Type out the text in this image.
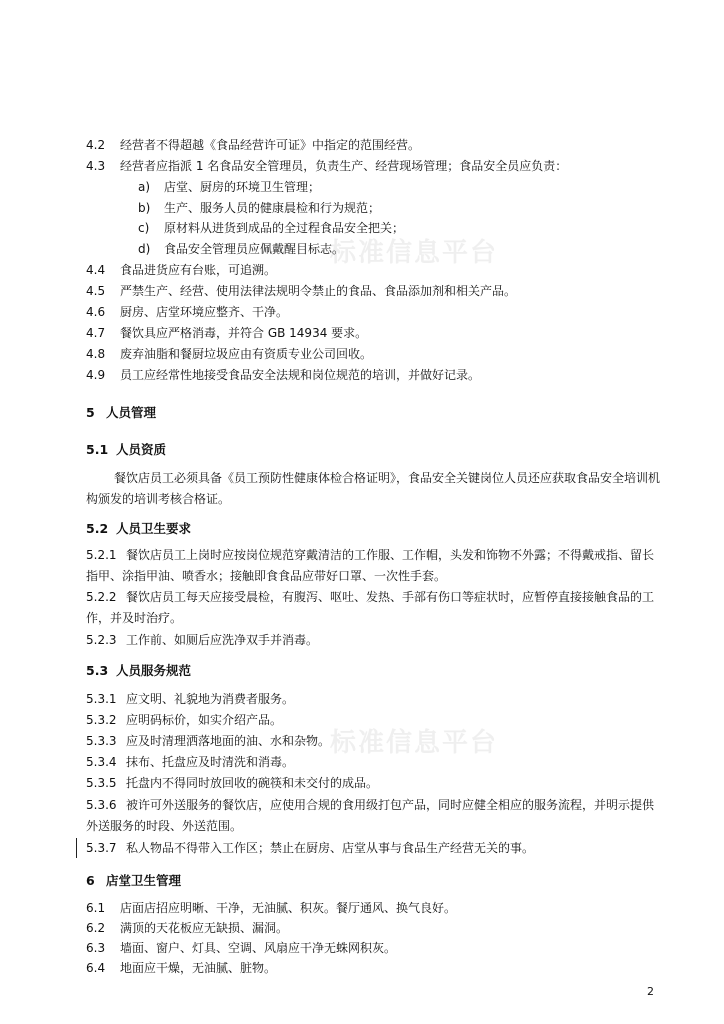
标准信息平台
标准信息平台
4.2 经营者不得超越《食品经营许可证》中指定的范围经营。
4.3 经营者应指派 1 名食品安全管理员，负责生产、经营现场管理；食品安全员应负责：
a) 店堂、厨房的环境卫生管理；
b) 生产、服务人员的健康晨检和行为规范；
c) 原材料从进货到成品的全过程食品安全把关；
d) 食品安全管理员应佩戴醒目标志。
4.4 食品进货应有台账，可追溯。
4.5 严禁生产、经营、使用法律法规明令禁止的食品、食品添加剂和相关产品。
4.6 厨房、店堂环境应整齐、干净。
4.7 餐饮具应严格消毒，并符合 GB 14934 要求。
4.8 废弃油脂和餐厨垃圾应由有资质专业公司回收。
4.9 员工应经常性地接受食品安全法规和岗位规范的培训，并做好记录。
5 人员管理
5.1 人员资质
餐饮店员工必须具备《员工预防性健康体检合格证明》，食品安全关键岗位人员还应获取食品安全培训机构颁发的培训考核合格证。
5.2 人员卫生要求
5.2.1 餐饮店员工上岗时应按岗位规范穿戴清洁的工作服、工作帽，头发和饰物不外露；不得戴戒指、留长指甲、涂指甲油、喷香水；接触即食食品应带好口罩、一次性手套。
5.2.2 餐饮店员工每天应接受晨检，有腹泻、呕吐、发热、手部有伤口等症状时，应暂停直接接触食品的工作，并及时治疗。
5.2.3 工作前、如厕后应洗净双手并消毒。
5.3 人员服务规范
5.3.1 应文明、礼貌地为消费者服务。
5.3.2 应明码标价，如实介绍产品。
5.3.3 应及时清理洒落地面的油、水和杂物。
5.3.4 抹布、托盘应及时清洗和消毒。
5.3.5 托盘内不得同时放回收的碗筷和未交付的成品。
5.3.6 被许可外送服务的餐饮店，应使用合规的食用级打包产品，同时应健全相应的服务流程，并明示提供外送服务的时段、外送范围。
5.3.7 私人物品不得带入工作区；禁止在厨房、店堂从事与食品生产经营无关的事。
6 店堂卫生管理
6.1 店面店招应明晰、干净，无油腻、积灰。餐厅通风、换气良好。
6.2 满顶的天花板应无缺损、漏洞。
6.3 墙面、窗户、灯具、空调、风扇应干净无蛛网积灰。
6.4 地面应干燥，无油腻、脏物。
2
